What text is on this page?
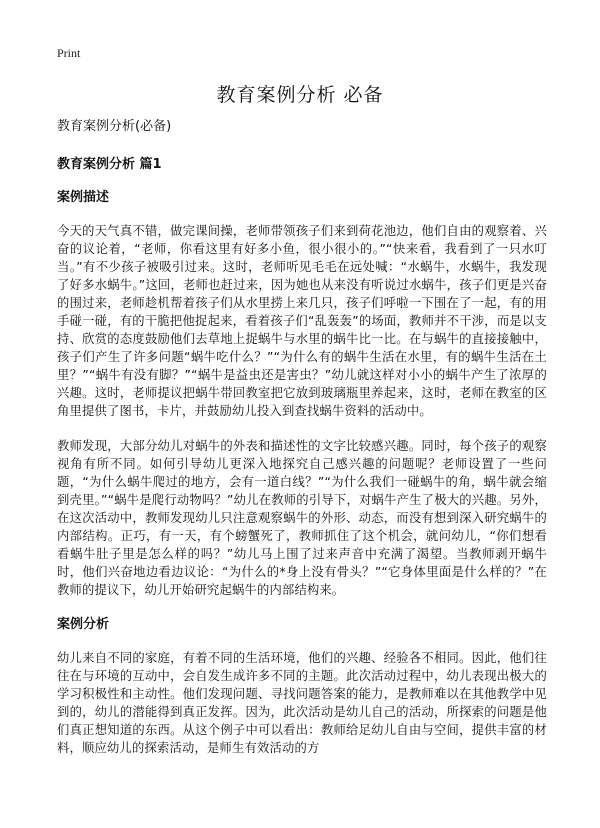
Print
教育案例分析 必备
教育案例分析(必备)
教育案例分析 篇1
案例描述

今天的天气真不错，做完课间操，老师带领孩子们来到荷花池边，他们自由的观察着、兴奋的议论着，“老师，你看这里有好多小鱼，很小很小的。”“快来看，我看到了一只水叮当。”有不少孩子被吸引过来。这时，老师听见毛毛在远处喊：“水蜗牛，水蜗牛，我发现了好多水蜗牛。”这回，老师也赶过来，因为她也从来没有听说过水蜗牛，孩子们更是兴奋的围过来，老师趁机帮着孩子们从水里捞上来几只，孩子们呼啦一下围在了一起，有的用手碰一碰，有的干脆把他捉起来，看着孩子们“乱轰轰”的场面，教师并不干涉，而是以支持、欣赏的态度鼓励他们去草地上捉蜗牛与水里的蜗牛比一比。在与蜗牛的直接接触中，孩子们产生了许多问题“蜗牛吃什么？”“为什么有的蜗牛生活在水里，有的蜗牛生活在土里？”“蜗牛有没有脚？”“蜗牛是益虫还是害虫？”幼儿就这样对小小的蜗牛产生了浓厚的兴趣。这时，老师提议把蜗牛带回教室把它放到玻璃瓶里养起来，这时，老师在教室的区角里提供了图书，卡片，并鼓励幼儿投入到查找蜗牛资料的活动中。

教师发现，大部分幼儿对蜗牛的外表和描述性的文字比较感兴趣。同时，每个孩子的观察视角有所不同。如何引导幼儿更深入地探究自己感兴趣的问题呢？老师设置了一些问题，“为什么蜗牛爬过的地方，会有一道白线？”“为什么我们一碰蜗牛的角，蜗牛就会缩到壳里。”“蜗牛是爬行动物吗？”幼儿在教师的引导下，对蜗牛产生了极大的兴趣。另外，在这次活动中，教师发现幼儿只注意观察蜗牛的外形、动态，而没有想到深入研究蜗牛的内部结构。正巧，有一天，有个螃蟹死了，教师抓住了这个机会，就问幼儿，“你们想看看蜗牛肚子里是怎么样的吗？”幼儿马上围了过来声音中充满了渴望。当教师剥开蜗牛时，他们兴奋地边看边议论：“为什么的*身上没有骨头？”“它身体里面是什么样的？”在教师的提议下，幼儿开始研究起蜗牛的内部结构来。

案例分析

幼儿来自不同的家庭，有着不同的生活环境，他们的兴趣、经验各不相同。因此，他们往往在与环境的互动中，会自发生成许多不同的主题。此次活动过程中，幼儿表现出极大的学习积极性和主动性。他们发现问题、寻找问题答案的能力，是教师难以在其他教学中见到的，幼儿的潜能得到真正发挥。因为，此次活动是幼儿自己的活动，所探索的问题是他们真正想知道的东西。从这个例子中可以看出：教师给足幼儿自由与空间，提供丰富的材料，顺应幼儿的探索活动，是师生有效活动的方
